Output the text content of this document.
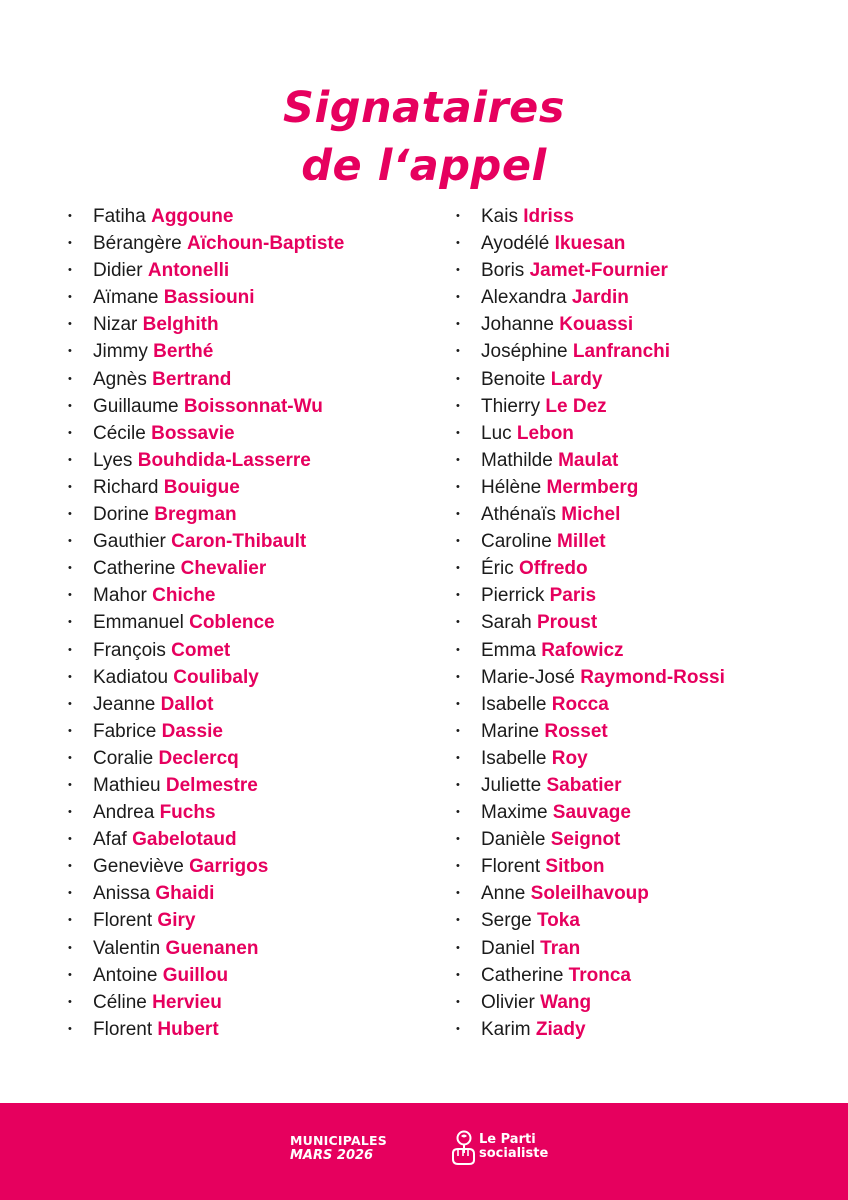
Signataires
de l‘appel
• Fatiha Aggoune
• Bérangère Aïchoun-Baptiste
• Didier Antonelli
• Aïmane Bassiouni
• Nizar Belghith
• Jimmy Berthé
• Agnès Bertrand
• Guillaume Boissonnat-Wu
• Cécile Bossavie
• Lyes Bouhdida-Lasserre
• Richard Bouigue
• Dorine Bregman
• Gauthier Caron-Thibault
• Catherine Chevalier
• Mahor Chiche
• Emmanuel Coblence
• François Comet
• Kadiatou Coulibaly
• Jeanne Dallot
• Fabrice Dassie
• Coralie Declercq
• Mathieu Delmestre
• Andrea Fuchs
• Afaf Gabelotaud
• Geneviève Garrigos
• Anissa Ghaidi
• Florent Giry
• Valentin Guenanen
• Antoine Guillou
• Céline Hervieu
• Florent Hubert
• Kais Idriss
• Ayodélé Ikuesan
• Boris Jamet-Fournier
• Alexandra Jardin
• Johanne Kouassi
• Joséphine Lanfranchi
• Benoite Lardy
• Thierry Le Dez
• Luc Lebon
• Mathilde Maulat
• Hélène Mermberg
• Athénaïs Michel
• Caroline Millet
• Éric Offredo
• Pierrick Paris
• Sarah Proust
• Emma Rafowicz
• Marie-José Raymond-Rossi
• Isabelle Rocca
• Marine Rosset
• Isabelle Roy
• Juliette Sabatier
• Maxime Sauvage
• Danièle Seignot
• Florent Sitbon
• Anne Soleilhavoup
• Serge Toka
• Daniel Tran
• Catherine Tronca
• Olivier Wang
• Karim Ziady
MUNICIPALES
MARS 2026
Le Parti
socialiste
